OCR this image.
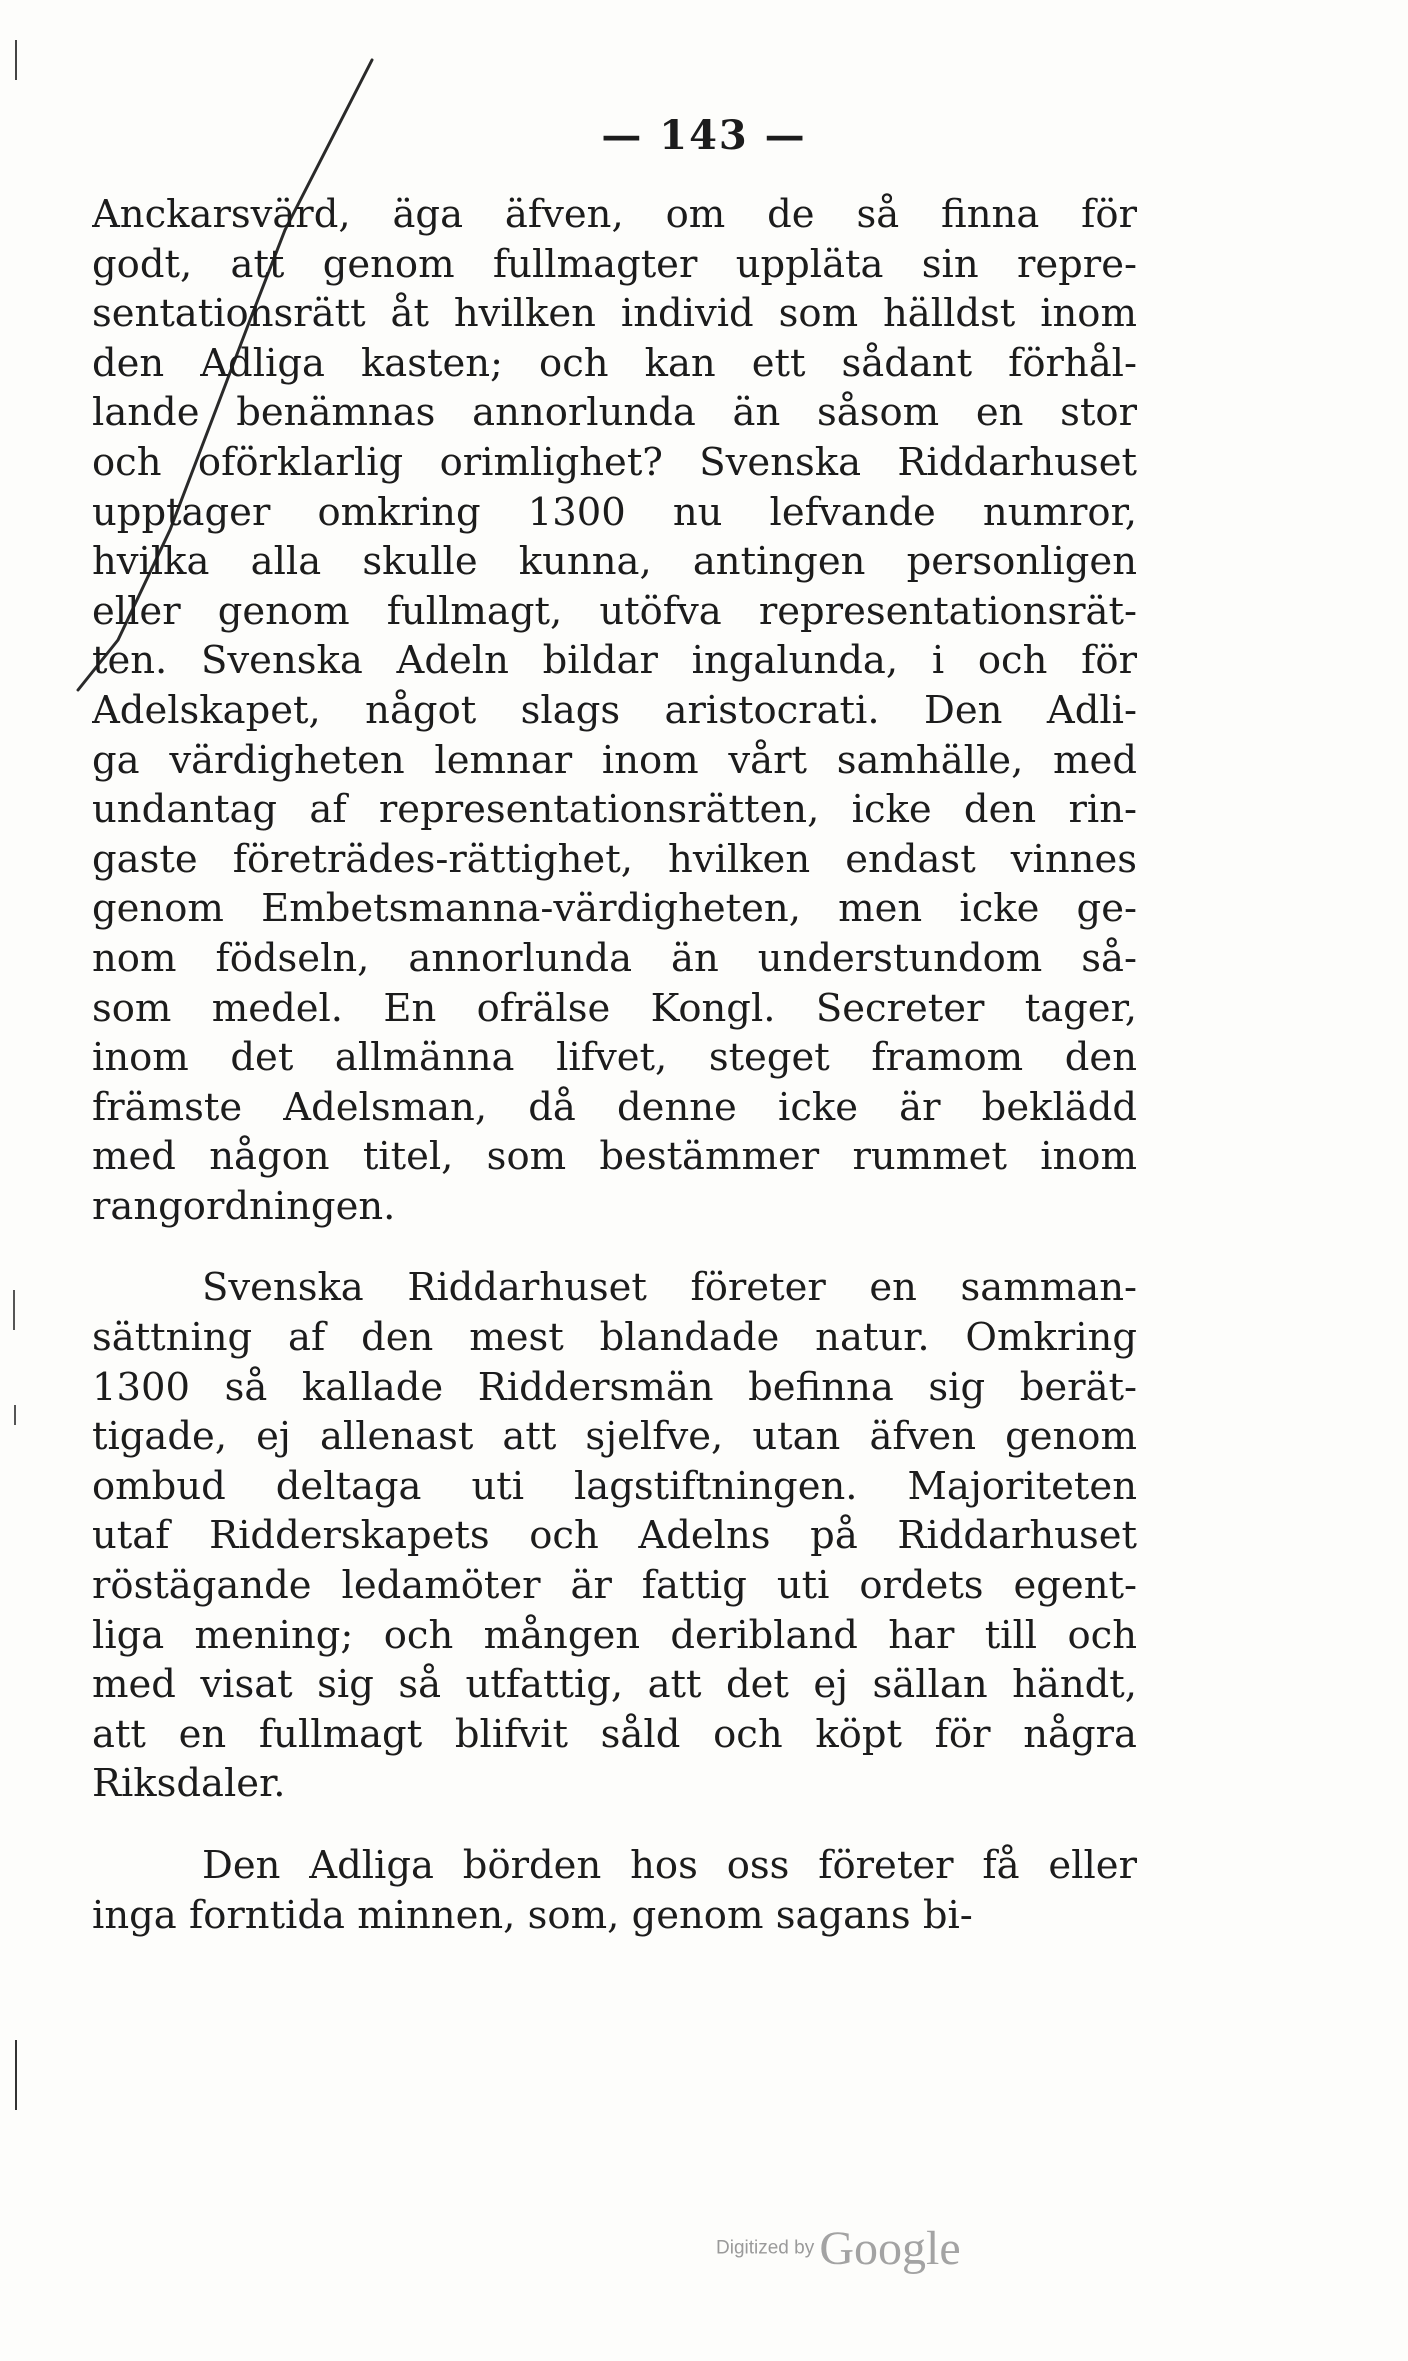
— 143 —
Anckarsvärd, äga äfven, om de så finna för
godt, att genom fullmagter uppläta sin repre-
sentationsrätt åt hvilken individ som hälldst inom
den Adliga kasten; och kan ett sådant förhål-
lande benämnas annorlunda än såsom en stor
och oförklarlig orimlighet? Svenska Riddarhuset
upptager omkring 1300 nu lefvande numror,
hvilka alla skulle kunna, antingen personligen
eller genom fullmagt, utöfva representationsrät-
ten. Svenska Adeln bildar ingalunda, i och för
Adelskapet, något slags aristocrati. Den Adli-
ga värdigheten lemnar inom vårt samhälle, med
undantag af representationsrätten, icke den rin-
gaste företrädes-rättighet, hvilken endast vinnes
genom Embetsmanna-värdigheten, men icke ge-
nom födseln, annorlunda än understundom så-
som medel. En ofrälse Kongl. Secreter tager,
inom det allmänna lifvet, steget framom den
främste Adelsman, då denne icke är beklädd
med någon titel, som bestämmer rummet inom
rangordningen.
Svenska Riddarhuset företer en samman-
sättning af den mest blandade natur. Omkring
1300 så kallade Riddersmän befinna sig berät-
tigade, ej allenast att sjelfve, utan äfven genom
ombud deltaga uti lagstiftningen. Majoriteten
utaf Ridderskapets och Adelns på Riddarhuset
röstägande ledamöter är fattig uti ordets egent-
liga mening; och mången deribland har till och
med visat sig så utfattig, att det ej sällan händt,
att en fullmagt blifvit såld och köpt för några
Riksdaler.
Den Adliga börden hos oss företer få eller
inga forntida minnen, som, genom sagans bi-
Digitized by Google
